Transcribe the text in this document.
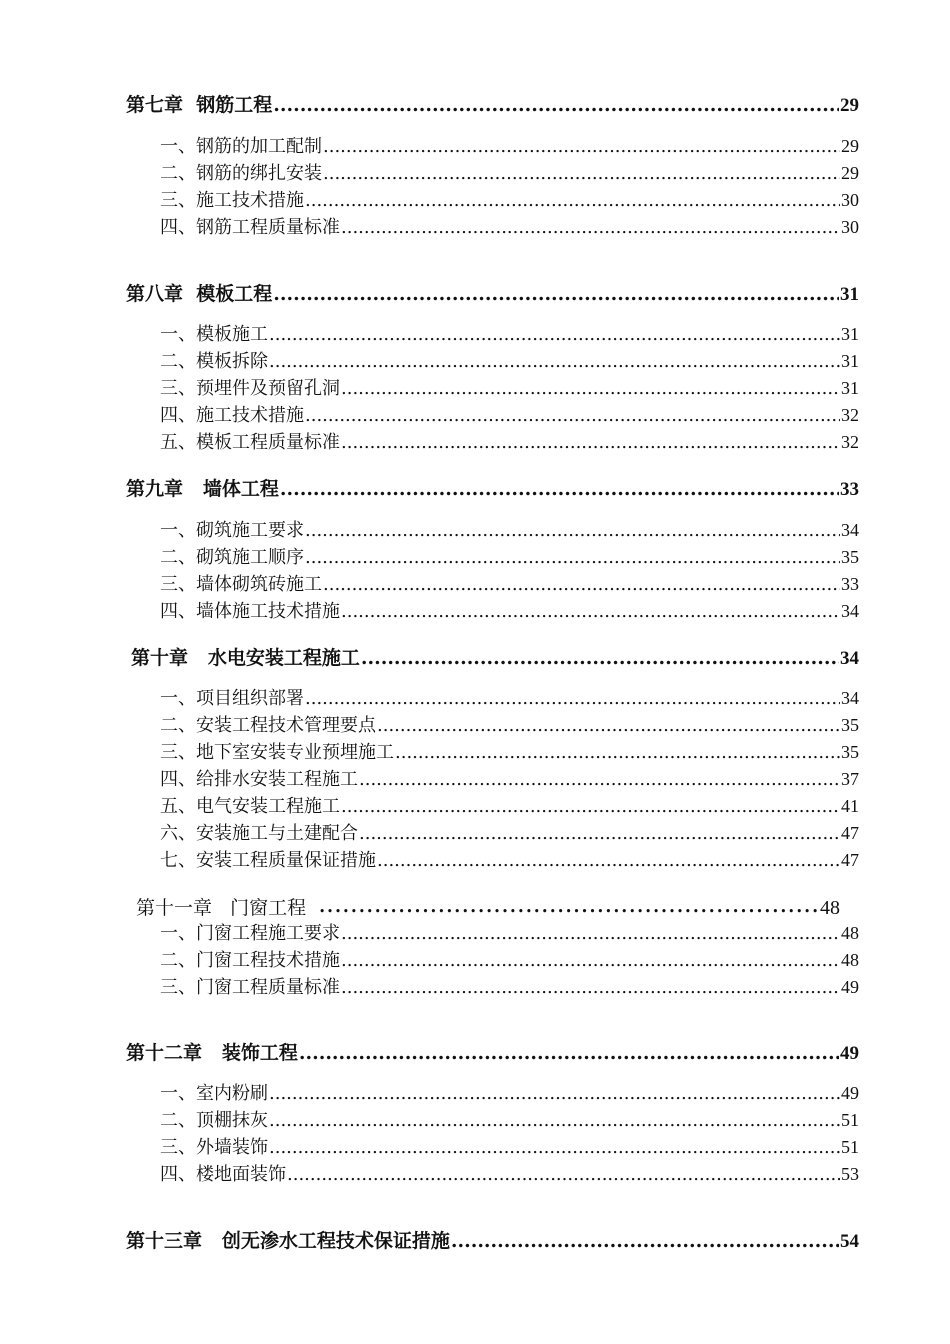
第七章  钢筋工程 .....	29
一、钢筋的加工配制 .....	29
二、钢筋的绑扎安装 .....	29
三、施工技术措施 .....	30
四、钢筋工程质量标准 .....	30
第八章  模板工程 .....	31
一、模板施工 .....	31
二、模板拆除 .....	31
三、预埋件及预留孔洞 .....	31
四、施工技术措施 .....	32
五、模板工程质量标准 .....	32
第九章   墙体工程 .....	33
一、砌筑施工要求 .....	34
二、砌筑施工顺序 .....	35
三、墙体砌筑砖施工 .....	33
四、墙体施工技术措施 .....	34
第十章   水电安装工程施工 .....	34
一、项目组织部署 .....	34
二、安装工程技术管理要点 .....	35
三、地下室安装专业预埋施工 .....	35
四、给排水安装工程施工 .....	37
五、电气安装工程施工 .....	41
六、安装施工与土建配合 .....	47
七、安装工程质量保证措施 .....	47
第十一章   门窗工程 •••••	48
一、门窗工程施工要求 .....	48
二、门窗工程技术措施 .....	48
三、门窗工程质量标准 .....	49
第十二章   装饰工程 .....	49
一、室内粉刷 .....	49
二、顶棚抹灰 .....	51
三、外墙装饰 .....	51
四、楼地面装饰 .....	53
第十三章   创无渗水工程技术保证措施 .....	54
